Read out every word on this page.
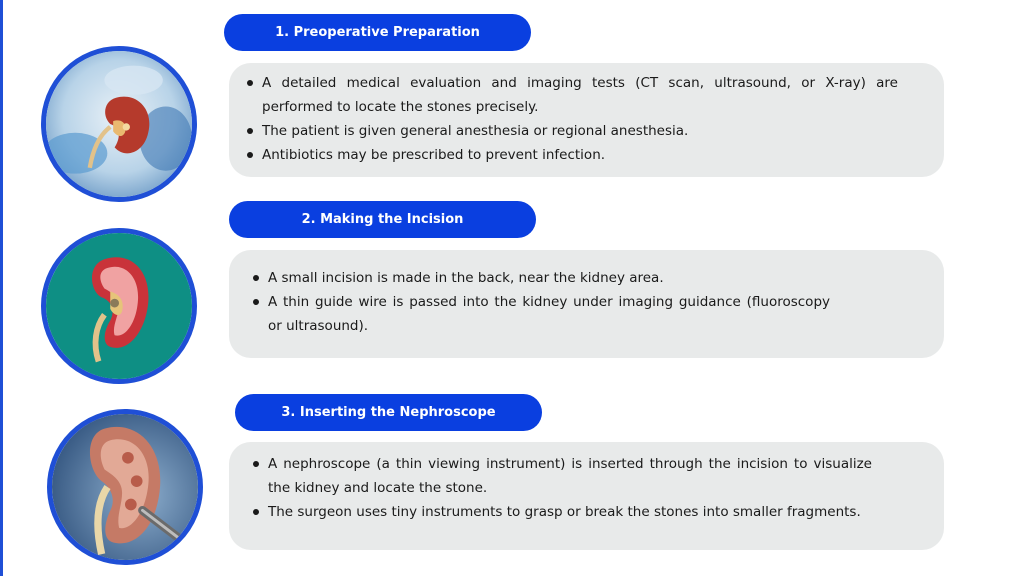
1. Preoperative Preparation
A detailed medical evaluation and imaging tests (CT scan, ultrasound, or X-ray) are performed to locate the stones precisely.
The patient is given general anesthesia or regional anesthesia.
Antibiotics may be prescribed to prevent infection.
2. Making the Incision
A small incision is made in the back, near the kidney area.
A thin guide wire is passed into the kidney under imaging guidance (fluoroscopy or ultrasound).
3. Inserting the Nephroscope
A nephroscope (a thin viewing instrument) is inserted through the incision to visualize the kidney and locate the stone.
The surgeon uses tiny instruments to grasp or break the stones into smaller fragments.
